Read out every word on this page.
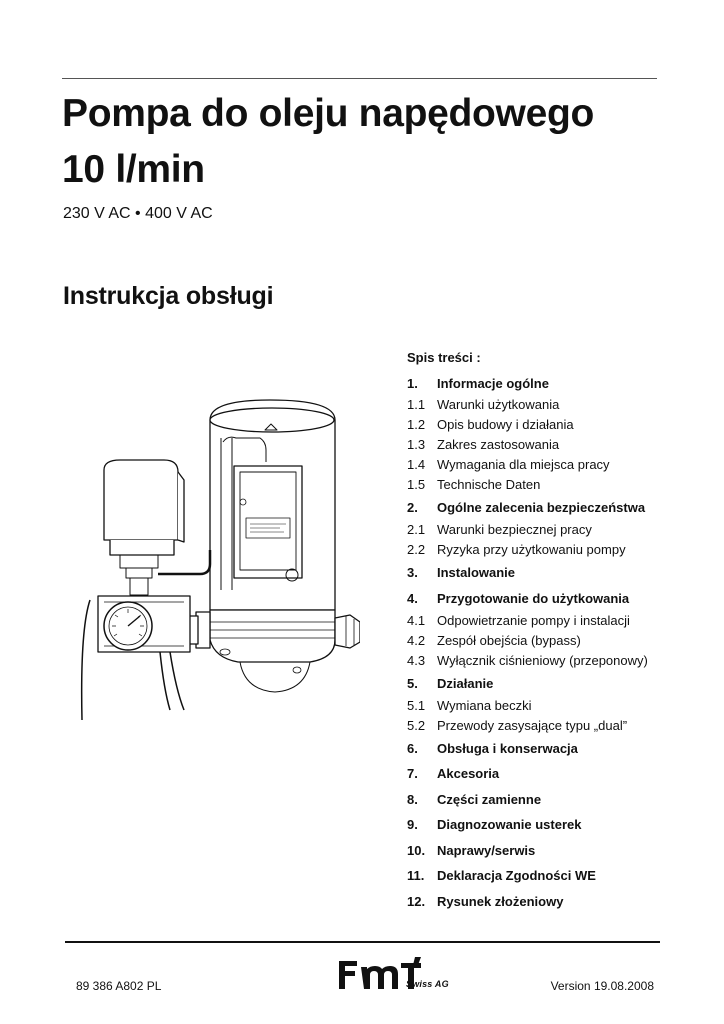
Pompa do oleju napędowego
10 l/min
230 V AC • 400 V AC
Instrukcja obsługi
Spis treści :
1.	Informacje ogólne
1.1 Warunki użytkowania
1.2 Opis budowy i działania
1.3 Zakres zastosowania
1.4 Wymagania dla miejsca pracy
1.5 Technische Daten
2.	Ogólne zalecenia bezpieczeństwa
2.1 Warunki bezpiecznej pracy
2.2 Ryzyka przy użytkowaniu pompy
3.	Instalowanie
4.	Przygotowanie do użytkowania
4.1 Odpowietrzanie pompy i instalacji
4.2 Zespół obejścia (bypass)
4.3 Wyłącznik ciśnieniowy (przeponowy)
5.	Działanie
5.1 Wymiana beczki
5.2 Przewody zasysające typu „dual”
6.	Obsługa i konserwacja
7.	Akcesoria
8.	Części zamienne
9.	Diagnozowanie usterek
10. Naprawy/serwis
11. Deklaracja Zgodności WE
12. Rysunek złożeniowy
89 386 A802 PL	Swiss AG	Version 19.08.2008
